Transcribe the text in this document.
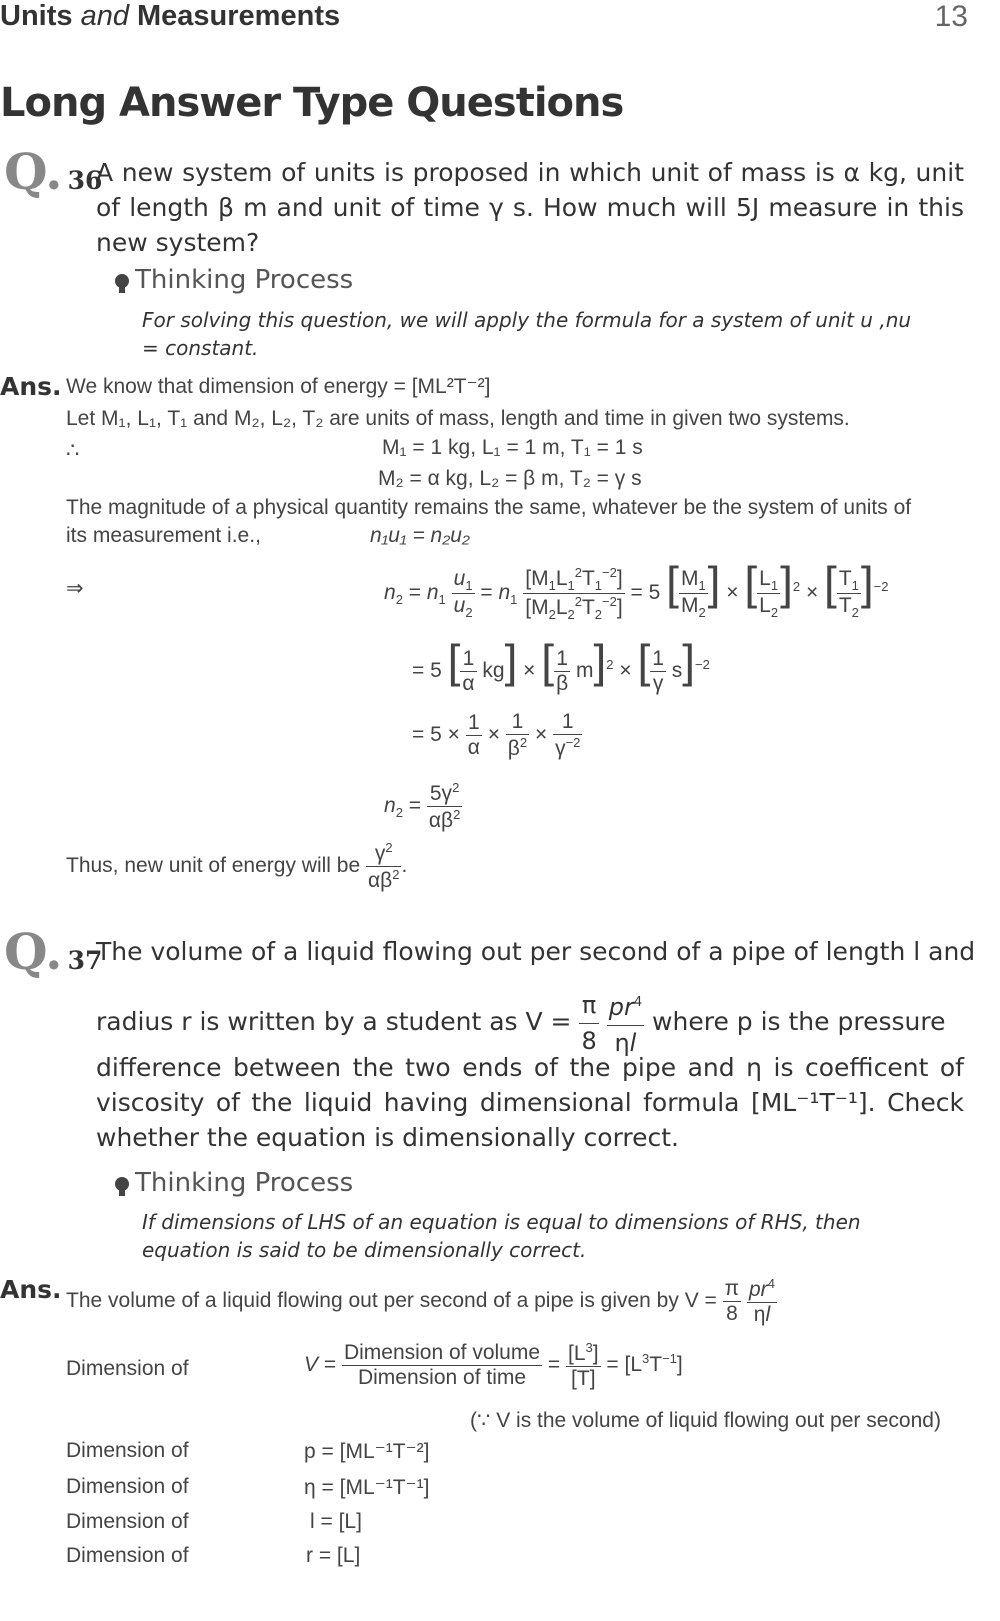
Units and Measurements	13
Long Answer Type Questions
Q. 36
A new system of units is proposed in which unit of mass is α kg, unit of length β m and unit of time γ s. How much will 5J measure in this new system?
Thinking Process
For solving this question, we will apply the formula for a system of unit u ,nu = constant.
Ans. We know that dimension of energy = [ML²T⁻²]
Let M₁, L₁, T₁ and M₂, L₂, T₂ are units of mass, length and time in given two systems.
∴	M₁ = 1 kg, L₁ = 1 m, T₁ = 1 s
M₂ = α kg, L₂ = β m, T₂ = γ s
The magnitude of a physical quantity remains the same, whatever be the system of units of
its measurement i.e.,	n₁u₁ = n₂u₂
⇒	$n_2 = n_1 \frac{u_1}{u_2} = n_1 \frac{[M_1L_1^2T_1^{-2}]}{[M_2L_2^2T_2^{-2}]} = 5$ [ $\frac{M_1}{M_2}$ ] × [ $\frac{L_1}{L_2} ]^2$ × [ $\frac{T_1}{T_2} ]^{-2}$
= 5 [ $\frac{1}{\alpha} kg$] × [ $\frac{1}{\beta} m]^2$ × [ $\frac{1}{\gamma} s]^{-2}$
= $5 \times \frac{1}{\alpha} \times \frac{1}{\beta^2} \times \frac{1}{\gamma^{-2}}$
$n_2 = \frac{5\gamma^2}{\alpha\beta^2}$
Thus, new unit of energy will be $\frac{\gamma^2}{\alpha\beta^2}$ .
Q. 37
The volume of a liquid flowing out per second of a pipe of length l and
radius r is written by a student as $V = \frac{\pi}{8}$
$\frac{pr^4}{\eta l}$ where p is the pressure
difference between the two ends of the pipe and η is coefficent of viscosity of the liquid having dimensional formula [ML⁻¹T⁻¹]. Check whether the equation is dimensionally correct.
Thinking Process
If dimensions of LHS of an equation is equal to dimensions of RHS, then equation is said to be dimensionally correct.
Ans. The volume of a liquid flowing out per second of a pipe is given by $V = \frac{\pi}{8}$
$\frac{pr^4}{\eta l}$
Dimension of	$V = \frac{\text{Dimension of volume}}{\text{Dimension of time}} = \frac{[L^3]}{[T]} = [L^3T^{-1}]$
(∵ V is the volume of liquid flowing out per second)
Dimension of	p = [ML⁻¹T⁻²]
Dimension of	η = [ML⁻¹T⁻¹]
Dimension of	l = [L]
Dimension of	r = [L]
